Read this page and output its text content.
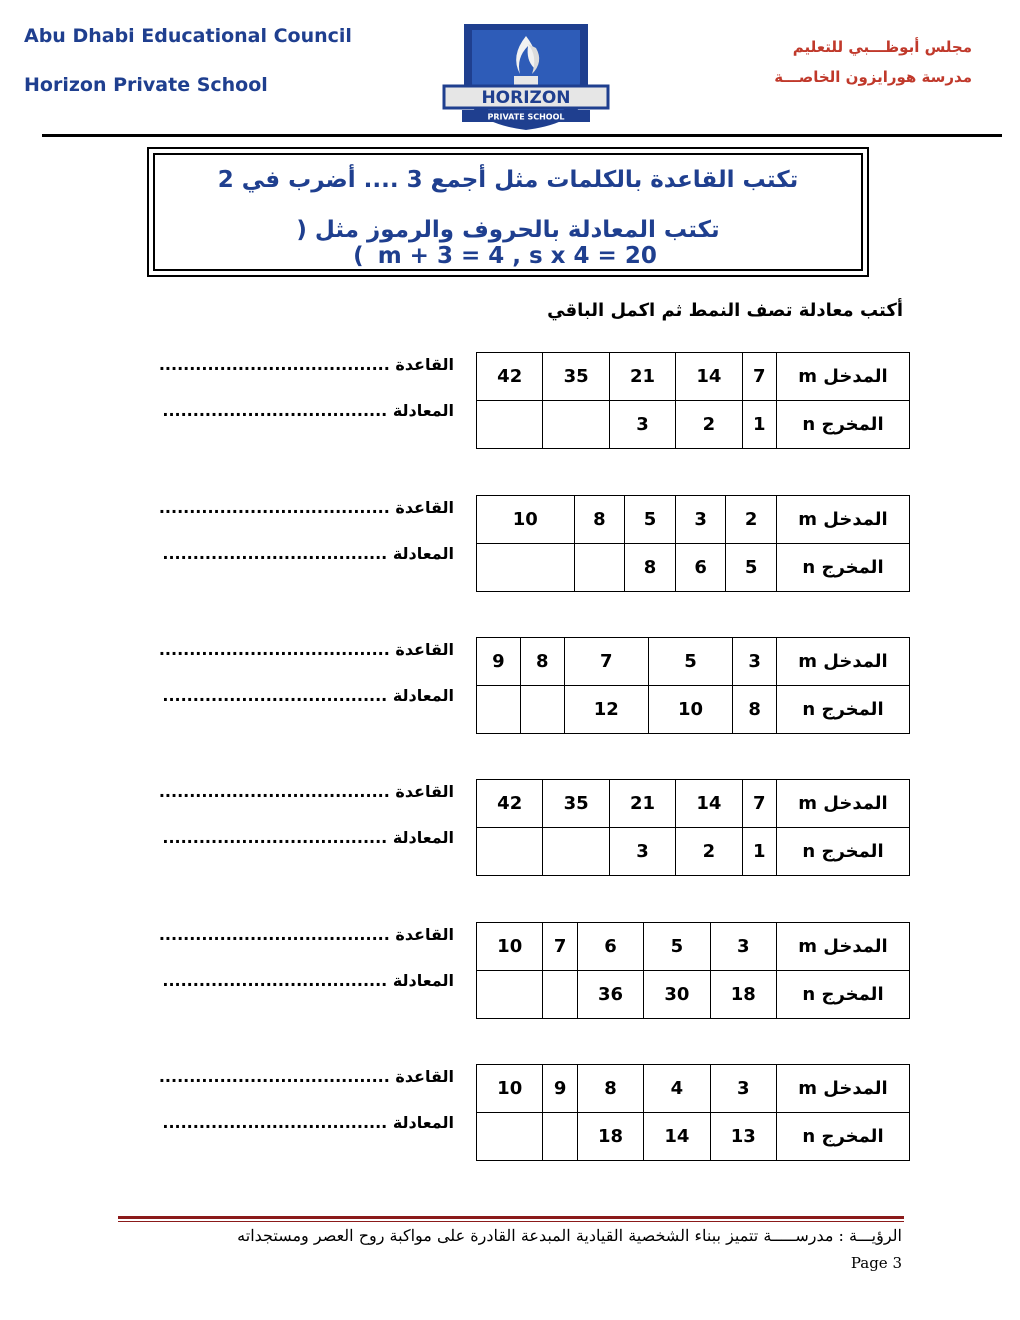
Abu Dhabi Educational Council
Horizon Private School
مجلس أبوظـــبي للتعليم
مدرسة هورايزون الخاصـــة
HORIZON
PRIVATE SCHOOL
تكتب القاعدة بالكلمات مثل أجمع 3 .... أضرب في 2
تكتب المعادلة بالحروف والرموز مثل ( m + 3 = 4 , s x 4 = 20 )
أكتب معادلة تصف النمط ثم اكمل الباقي
المدخل m	7	14	21	35	42
المخرج n	1	2	3		
القاعدة ......................................
المعادلة .....................................
المدخل m	2	3	5	8	10
المخرج n	5	6	8		
القاعدة ......................................
المعادلة .....................................
المدخل m	3	5	7	8	9
المخرج n	8	10	12		
القاعدة ......................................
المعادلة .....................................
المدخل m	7	14	21	35	42
المخرج n	1	2	3		
القاعدة ......................................
المعادلة .....................................
المدخل m	3	5	6	7	10
المخرج n	18	30	36		
القاعدة ......................................
المعادلة .....................................
المدخل m	3	4	8	9	10
المخرج n	13	14	18		
القاعدة ......................................
المعادلة .....................................
الرؤيـــة : مدرســـــة تتميز ببناء الشخصية القيادية المبدعة القادرة على مواكبة روح العصر ومستجداته
Page 3
